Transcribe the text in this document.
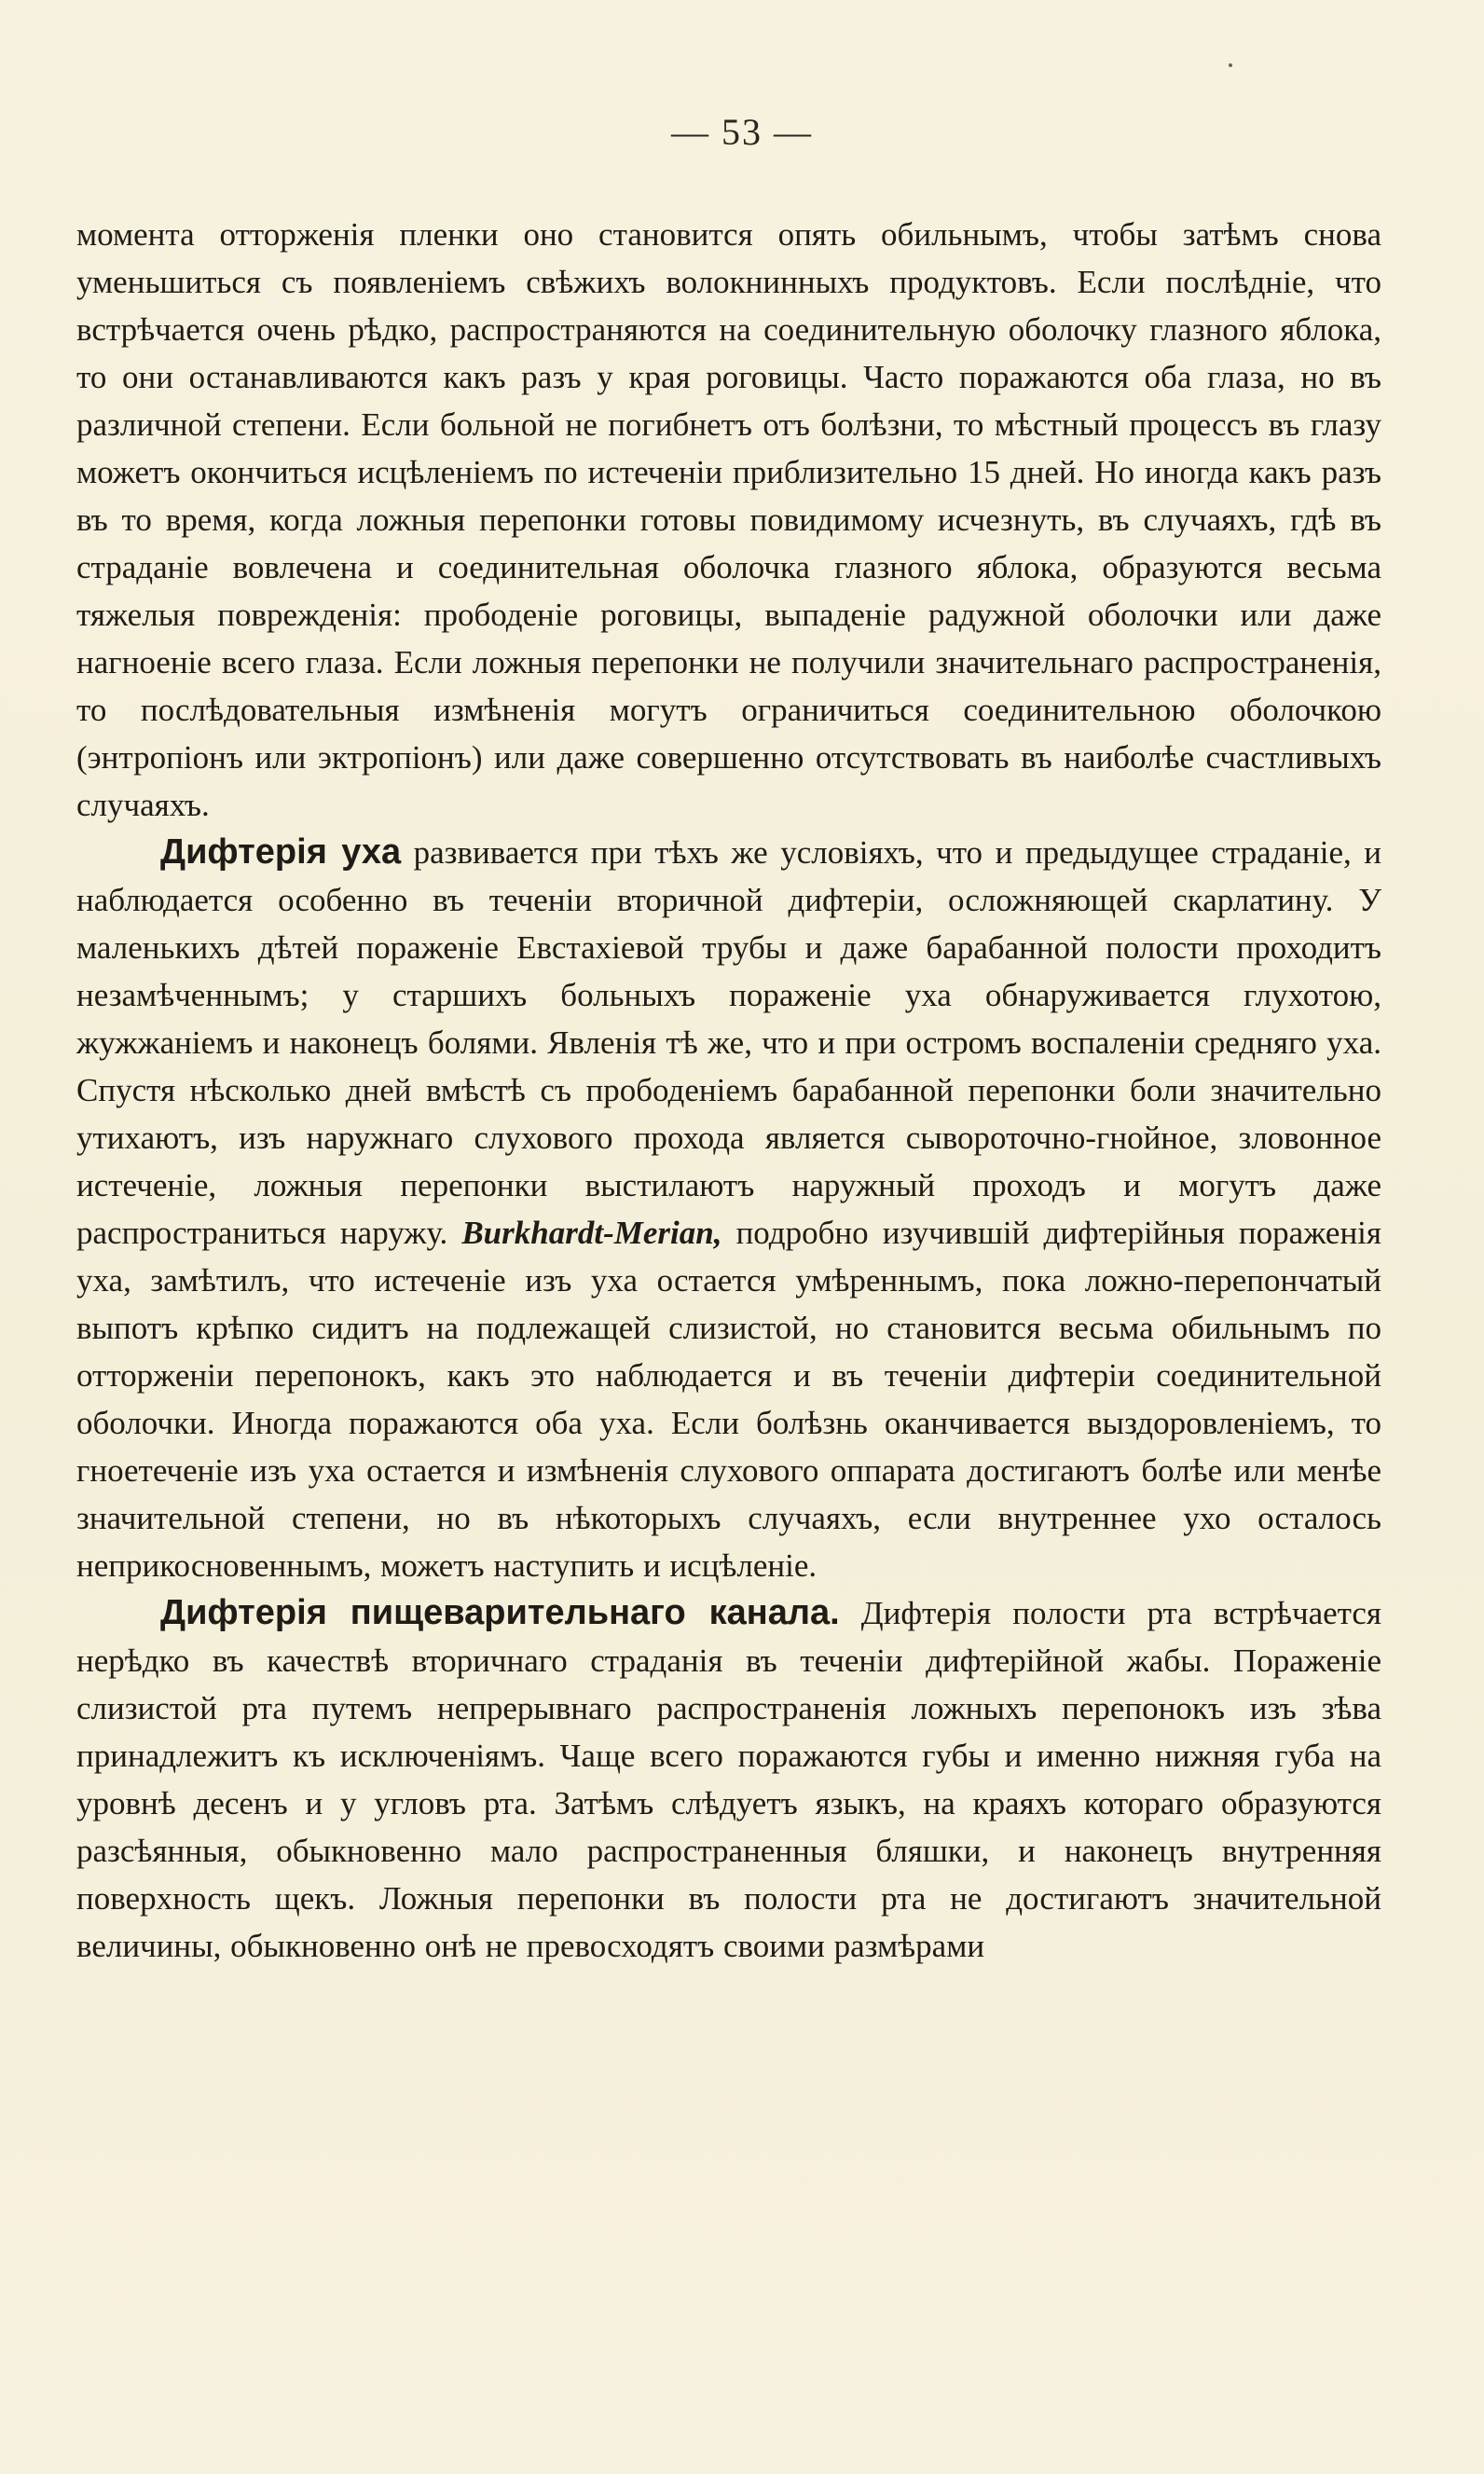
— 53 —

момента отторженія пленки оно становится опять обильнымъ, чтобы затѣмъ снова уменьшиться съ появленіемъ свѣжихъ волокнинныхъ продуктовъ. Если послѣдніе, что встрѣчается очень рѣдко, распространяются на соединительную оболочку глазного яблока, то они останавливаются какъ разъ у края роговицы. Часто поражаются оба глаза, но въ различной степени. Если больной не погибнетъ отъ болѣзни, то мѣстный процессъ въ глазу можетъ окончиться исцѣленіемъ по истеченіи приблизительно 15 дней. Но иногда какъ разъ въ то время, когда ложныя перепонки готовы повидимому исчезнуть, въ случаяхъ, гдѣ въ страданіе вовлечена и соединительная оболочка глазного яблока, образуются весьма тяжелыя поврежденія: прободеніе роговицы, выпаденіе радужной оболочки или даже нагноеніе всего глаза. Если ложныя перепонки не получили значительнаго распространенія, то послѣдовательныя измѣненія могутъ ограничиться соединительною оболочкою (энтропіонъ или эктропіонъ) или даже совершенно отсутствовать въ наиболѣе счастливыхъ случаяхъ.

Дифтерія уха развивается при тѣхъ же условіяхъ, что и предыдущее страданіе, и наблюдается особенно въ теченіи вторичной дифтеріи, осложняющей скарлатину. У маленькихъ дѣтей пораженіе Евстахіевой трубы и даже барабанной полости проходитъ незамѣченнымъ; у старшихъ больныхъ пораженіе уха обнаруживается глухотою, жужжаніемъ и наконецъ болями. Явленія тѣ же, что и при остромъ воспаленіи средняго уха. Спустя нѣсколько дней вмѣстѣ съ прободеніемъ барабанной перепонки боли значительно утихаютъ, изъ наружнаго слухового прохода является сывороточно-гнойное, зловонное истеченіе, ложныя перепонки выстилаютъ наружный проходъ и могутъ даже распространиться наружу. Burkhardt-Merian, подробно изучившій дифтерійныя пораженія уха, замѣтилъ, что истеченіе изъ уха остается умѣреннымъ, пока ложно-перепончатый выпотъ крѣпко сидитъ на подлежащей слизистой, но становится весьма обильнымъ по отторженіи перепонокъ, какъ это наблюдается и въ теченіи дифтеріи соединительной оболочки. Иногда поражаются оба уха. Если болѣзнь оканчивается выздоровленіемъ, то гноетеченіе изъ уха остается и измѣненія слухового оппарата достигаютъ болѣе или менѣе значительной степени, но въ нѣкоторыхъ случаяхъ, если внутреннее ухо осталось неприкосновеннымъ, можетъ наступить и исцѣленіе.

Дифтерія пищеварительнаго канала. Дифтерія полости рта встрѣчается нерѣдко въ качествѣ вторичнаго страданія въ теченіи дифтерійной жабы. Пораженіе слизистой рта путемъ непрерывнаго распространенія ложныхъ перепонокъ изъ зѣва принадлежитъ къ исключеніямъ. Чаще всего поражаются губы и именно нижняя губа на уровнѣ деcенъ и у угловъ рта. Затѣмъ слѣдуетъ языкъ, на краяхъ котораго образуются разсѣянныя, обыкновенно мало распространенныя бляшки, и наконецъ внутренняя поверхность щекъ. Ложныя перепонки въ полости рта не достигаютъ значительной величины, обыкновенно онѣ не превосходятъ своими размѣрами
